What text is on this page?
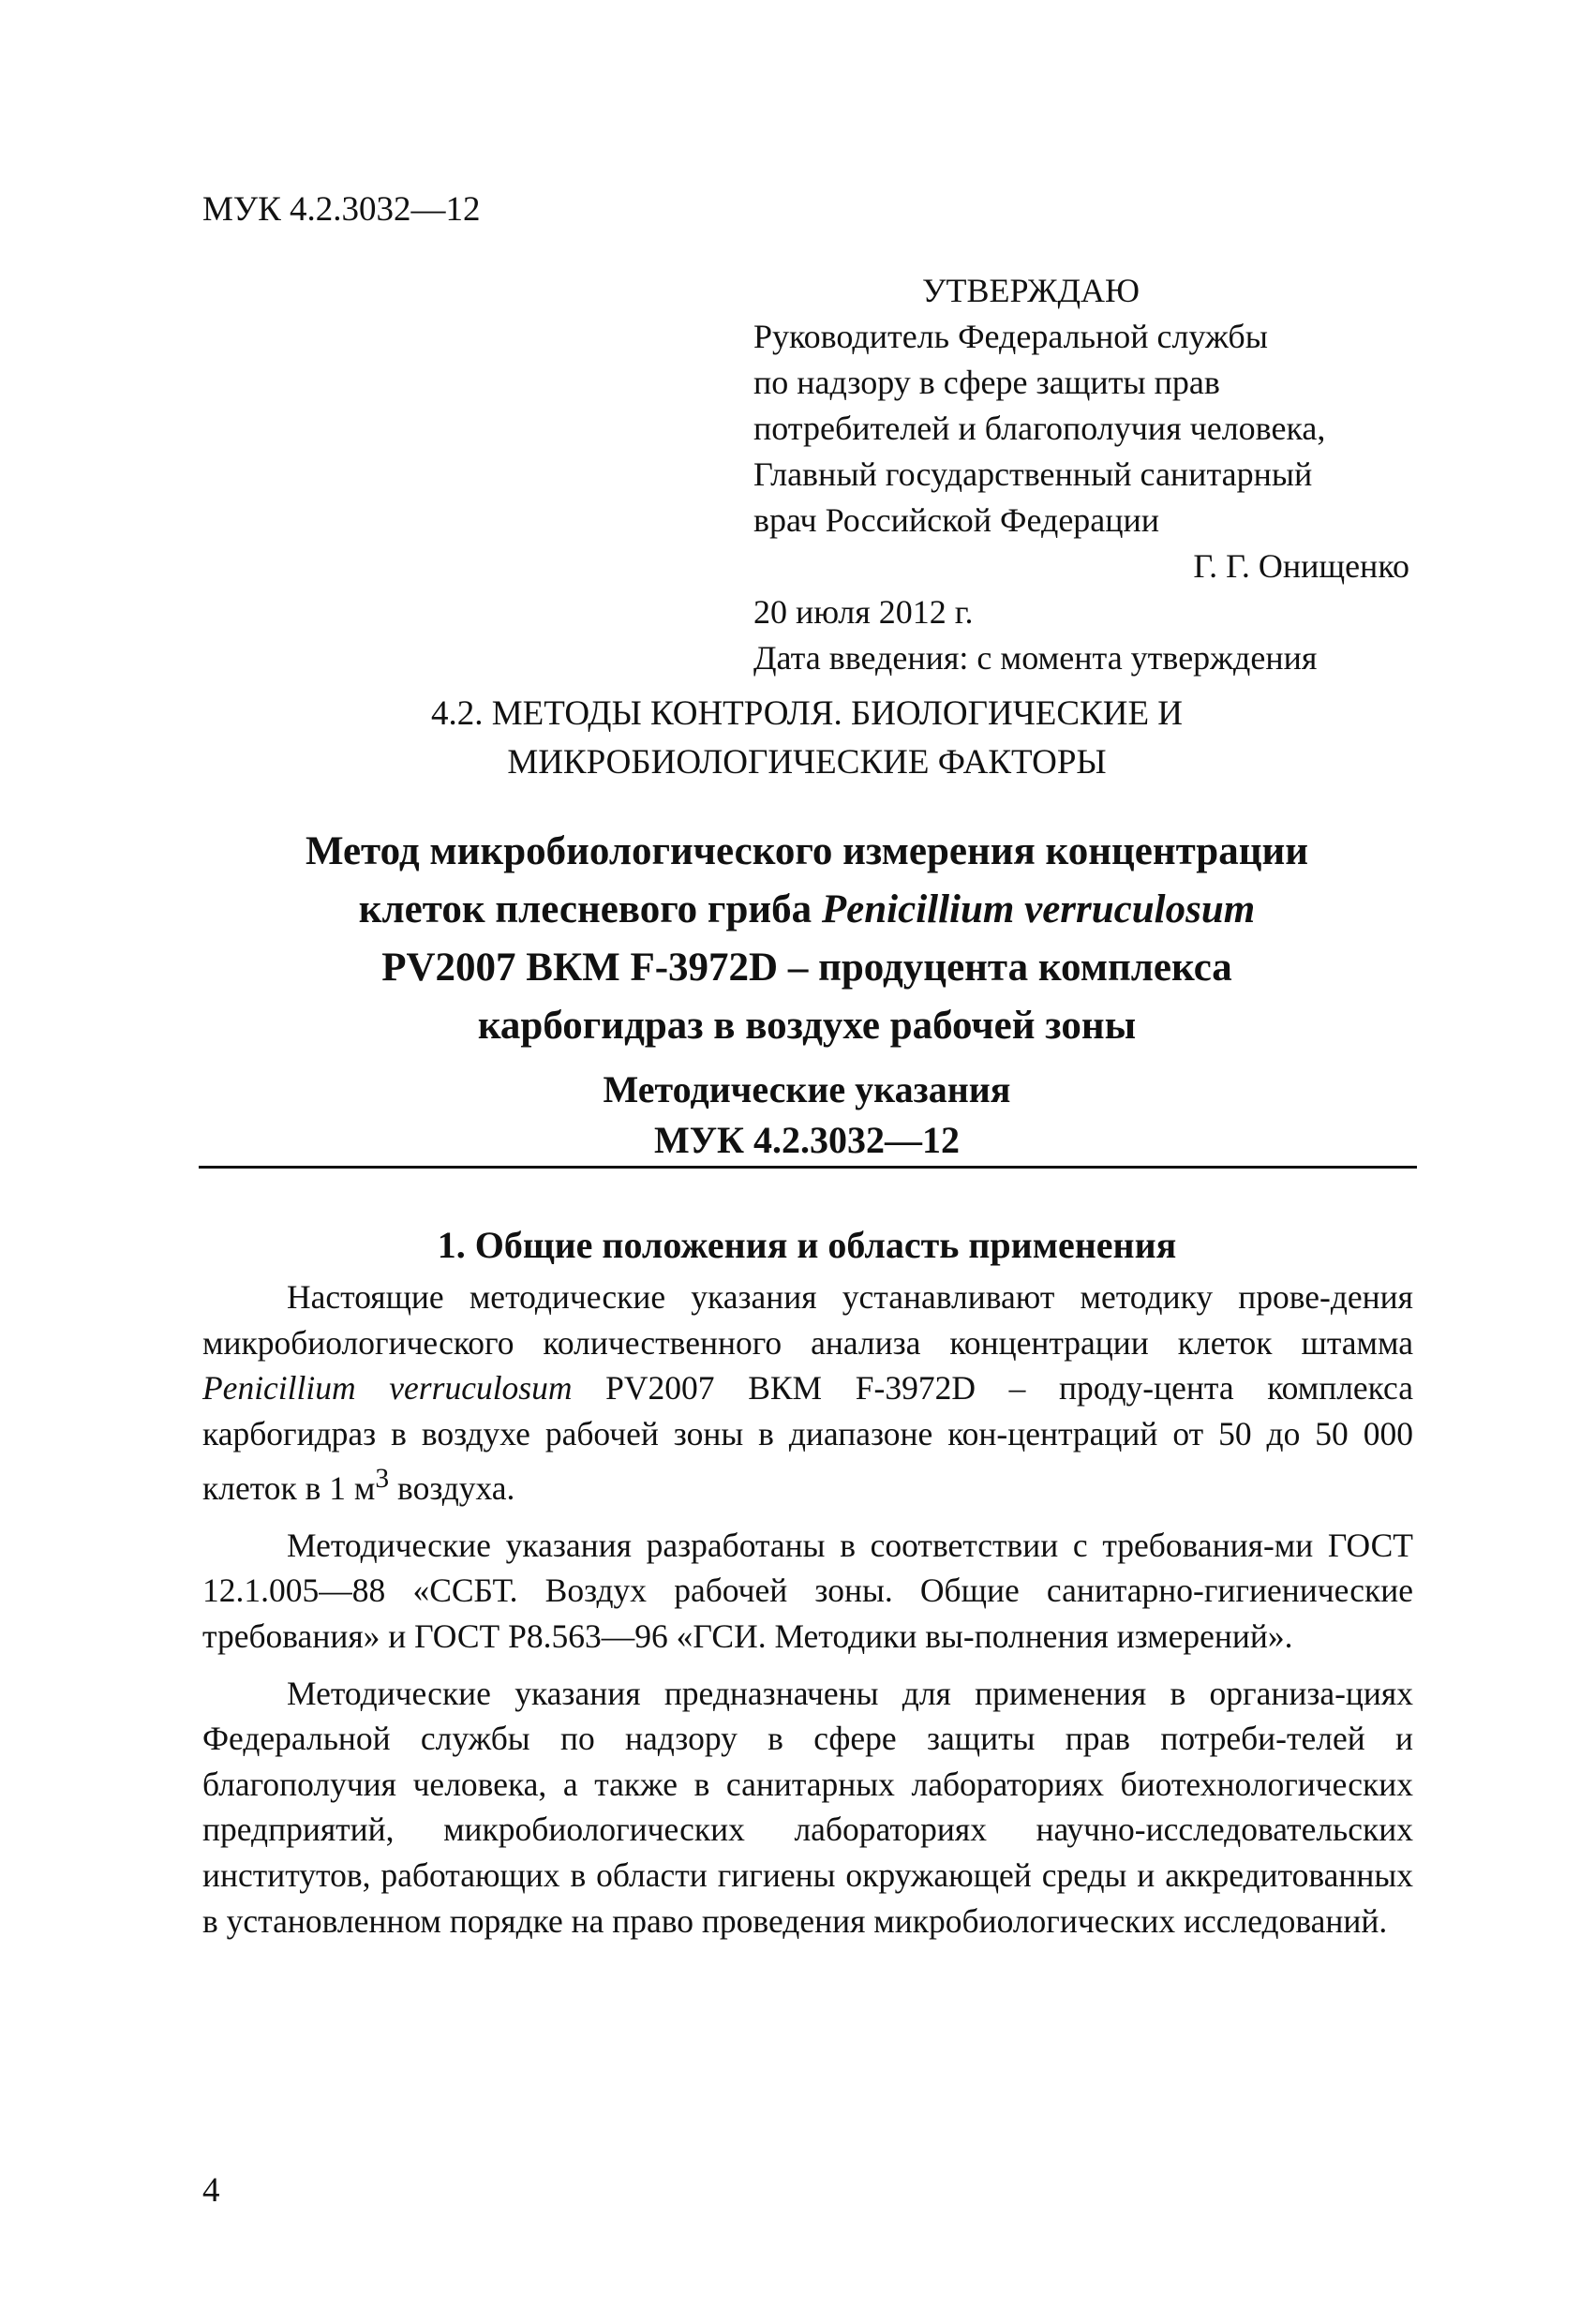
МУК 4.2.3032—12
УТВЕРЖДАЮ
Руководитель Федеральной службы
по надзору в сфере защиты прав
потребителей и благополучия человека,
Главный государственный санитарный
врач Российской Федерации
Г. Г. Онищенко
20 июля 2012 г.
Дата введения: с момента утверждения
4.2. МЕТОДЫ КОНТРОЛЯ. БИОЛОГИЧЕСКИЕ И
МИКРОБИОЛОГИЧЕСКИЕ ФАКТОРЫ
Метод микробиологического измерения концентрации
клеток плесневого гриба Penicillium verruculosum
PV2007 ВКМ F-3972D – продуцента комплекса
карбогидраз в воздухе рабочей зоны
Методические указания
МУК 4.2.3032—12
1. Общие положения и область применения

Настоящие методические указания устанавливают методику прове-дения микробиологического количественного анализа концентрации клеток штамма Penicillium verruculosum PV2007 ВКМ F-3972D – проду-цента комплекса карбогидраз в воздухе рабочей зоны в диапазоне кон-центраций от 50 до 50 000 клеток в 1 $м^3$ воздуха.

Методические указания разработаны в соответствии с требования-ми ГОСТ 12.1.005—88 «ССБТ. Воздух рабочей зоны. Общие санитарно-гигиенические требования» и ГОСТ Р8.563—96 «ГСИ. Методики вы-полнения измерений».

Методические указания предназначены для применения в организа-циях Федеральной службы по надзору в сфере защиты прав потреби-телей и благополучия человека, а также в санитарных лабораториях биотехнологических предприятий, микробиологических лабораториях научно-исследовательских институтов, работающих в области гигиены окружающей среды и аккредитованных в установленном порядке на право проведения микробиологических исследований.

4
